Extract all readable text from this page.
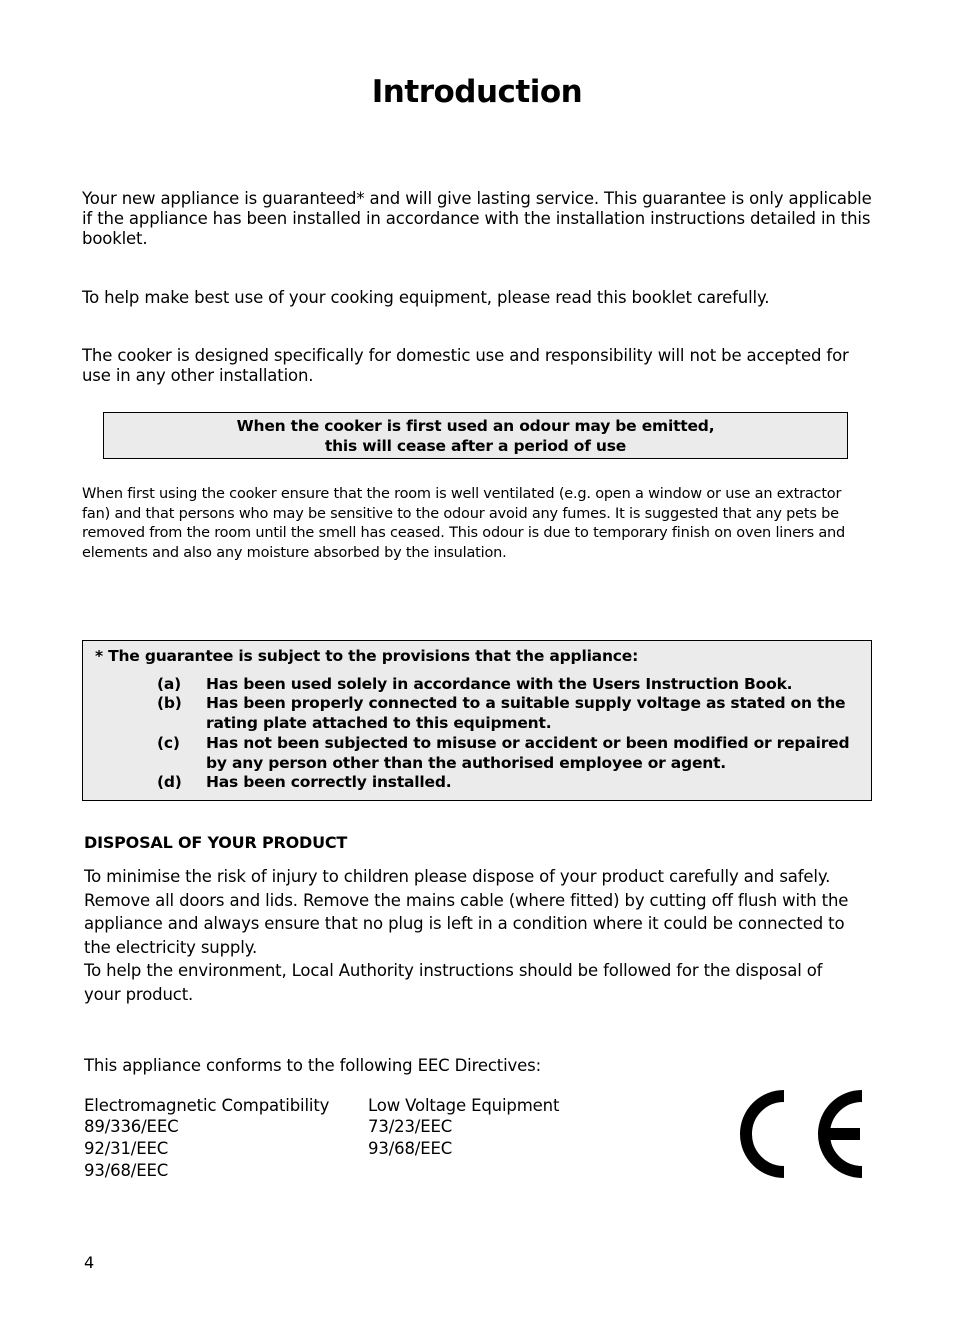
Introduction

Your new appliance is guaranteed* and will give lasting service. This guarantee is only applicable if the appliance has been installed in accordance with the installation instructions detailed in this booklet.

To help make best use of your cooking equipment, please read this booklet carefully.

The cooker is designed specifically for domestic use and responsibility will not be accepted for use in any other installation.

When the cooker is first used an odour may be emitted,
this will cease after a period of use

When first using the cooker ensure that the room is well ventilated (e.g. open a window or use an extractor fan) and that persons who may be sensitive to the odour avoid any fumes. It is suggested that any pets be removed from the room until the smell has ceased. This odour is due to temporary finish on oven liners and elements and also any moisture absorbed by the insulation.

* The guarantee is subject to the provisions that the appliance:
(a) Has been used solely in accordance with the Users Instruction Book.
(b) Has been properly connected to a suitable supply voltage as stated on the rating plate attached to this equipment.
(c) Has not been subjected to misuse or accident or been modified or repaired by any person other than the authorised employee or agent.
(d) Has been correctly installed.
DISPOSAL OF YOUR PRODUCT
To minimise the risk of injury to children please dispose of your product carefully and safely.
Remove all doors and lids. Remove the mains cable (where fitted) by cutting off flush with the
appliance and always ensure that no plug is left in a condition where it could be connected to
the electricity supply.
To help the environment, Local Authority instructions should be followed for the disposal of
your product.
This appliance conforms to the following EEC Directives:
Electromagnetic Compatibility
89/336/EEC
92/31/EEC
93/68/EEC
Low Voltage Equipment
73/23/EEC
93/68/EEC
4
